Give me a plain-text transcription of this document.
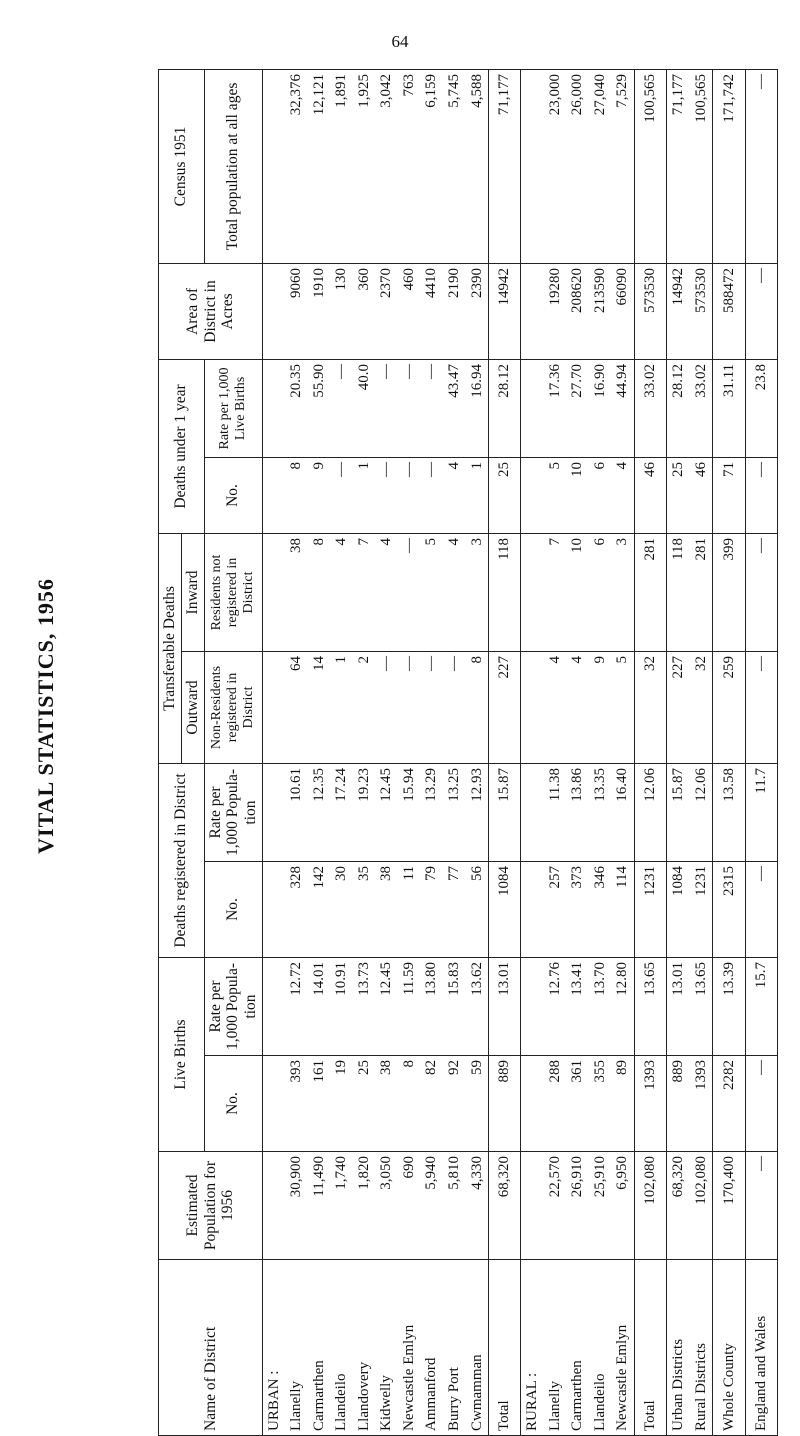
64
VITAL STATISTICS, 1956
Name of District	Estimated Population for 1956	Live Births		Deaths registered in District		Transferable Deaths		Deaths under 1 year		Area of District in Acres	Census 1951
						Outward	Inward				
		No.	Rate per 1,000 Popula-tion	No.	Rate per 1,000 Popula-tion	Non-Residents registered in District	Residents not registered in District	No.	Rate per 1,000 Live Births		Total population at all ages
URBAN :											
Llanelly	30,900	393	12.72	328	10.61	64	38	8	20.35	9060	32,376
Carmarthen	11,490	161	14.01	142	12.35	14	8	9	55.90	1910	12,121
Llandeilo	1,740	19	10.91	30	17.24	1	4	—	—	130	1,891
Llandovery	1,820	25	13.73	35	19.23	2	7	1	40.0	360	1,925
Kidwelly	3,050	38	12.45	38	12.45	—	4	—	—	2370	3,042
Newcastle Emlyn	690	8	11.59	11	15.94	—	—	—	—	460	763
Ammanford	5,940	82	13.80	79	13.29	—	5	—	—	4410	6,159
Burry Port	5,810	92	15.83	77	13.25	—	4	4	43.47	2190	5,745
Cwmamman	4,330	59	13.62	56	12.93	8	3	1	16.94	2390	4,588
Total	68,320	889	13.01	1084	15.87	227	118	25	28.12	14942	71,177
RURAL :											
Llanelly	22,570	288	12.76	257	11.38	4	7	5	17.36	19280	23,000
Carmarthen	26,910	361	13.41	373	13.86	4	10	10	27.70	208620	26,000
Llandeilo	25,910	355	13.70	346	13.35	9	6	6	16.90	213590	27,040
Newcastle Emlyn	6,950	89	12.80	114	16.40	5	3	4	44.94	66090	7,529
Total	102,080	1393	13.65	1231	12.06	32	281	46	33.02	573530	100,565
Urban Districts	68,320	889	13.01	1084	15.87	227	118	25	28.12	14942	71,177
Rural Districts	102,080	1393	13.65	1231	12.06	32	281	46	33.02	573530	100,565
Whole County	170,400	2282	13.39	2315	13.58	259	399	71	31.11	588472	171,742
England and Wales	—	—	15.7	—	11.7	—	—	—	23.8	—	—
